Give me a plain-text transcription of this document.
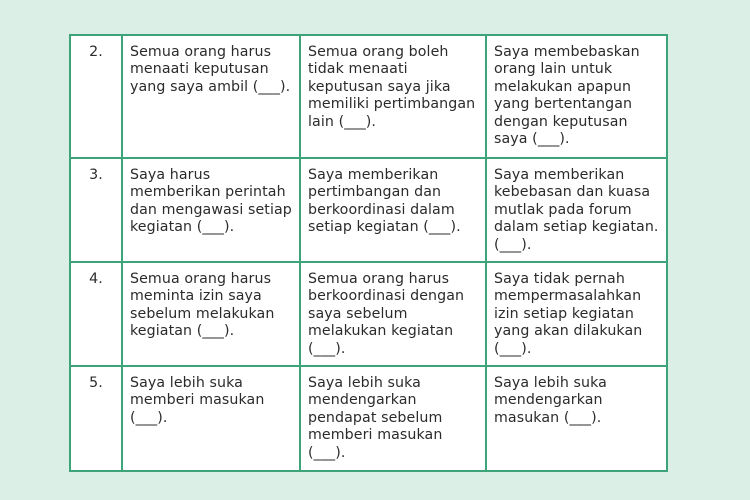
2.	Semua orang harus menaati keputusan yang saya ambil (___).	Semua orang boleh tidak menaati keputusan saya jika memiliki pertimbangan lain (___).	Saya membebaskan orang lain untuk melakukan apapun yang bertentangan dengan keputusan saya (___).

3.	Saya harus memberikan perintah dan mengawasi setiap kegiatan (___).	Saya memberikan pertimbangan dan berkoordinasi dalam setiap kegiatan (___).	Saya memberikan kebebasan dan kuasa mutlak pada forum dalam setiap kegiatan. (___).

4.	Semua orang harus meminta izin saya sebelum melakukan kegiatan (___).	Semua orang harus berkoordinasi dengan saya sebelum melakukan kegiatan (___).	Saya tidak pernah mempermasalahkan izin setiap kegiatan yang akan dilakukan (___).

5.	Saya lebih suka memberi masukan (___).	Saya lebih suka mendengarkan pendapat sebelum memberi masukan (___).	Saya lebih suka mendengarkan masukan (___).
